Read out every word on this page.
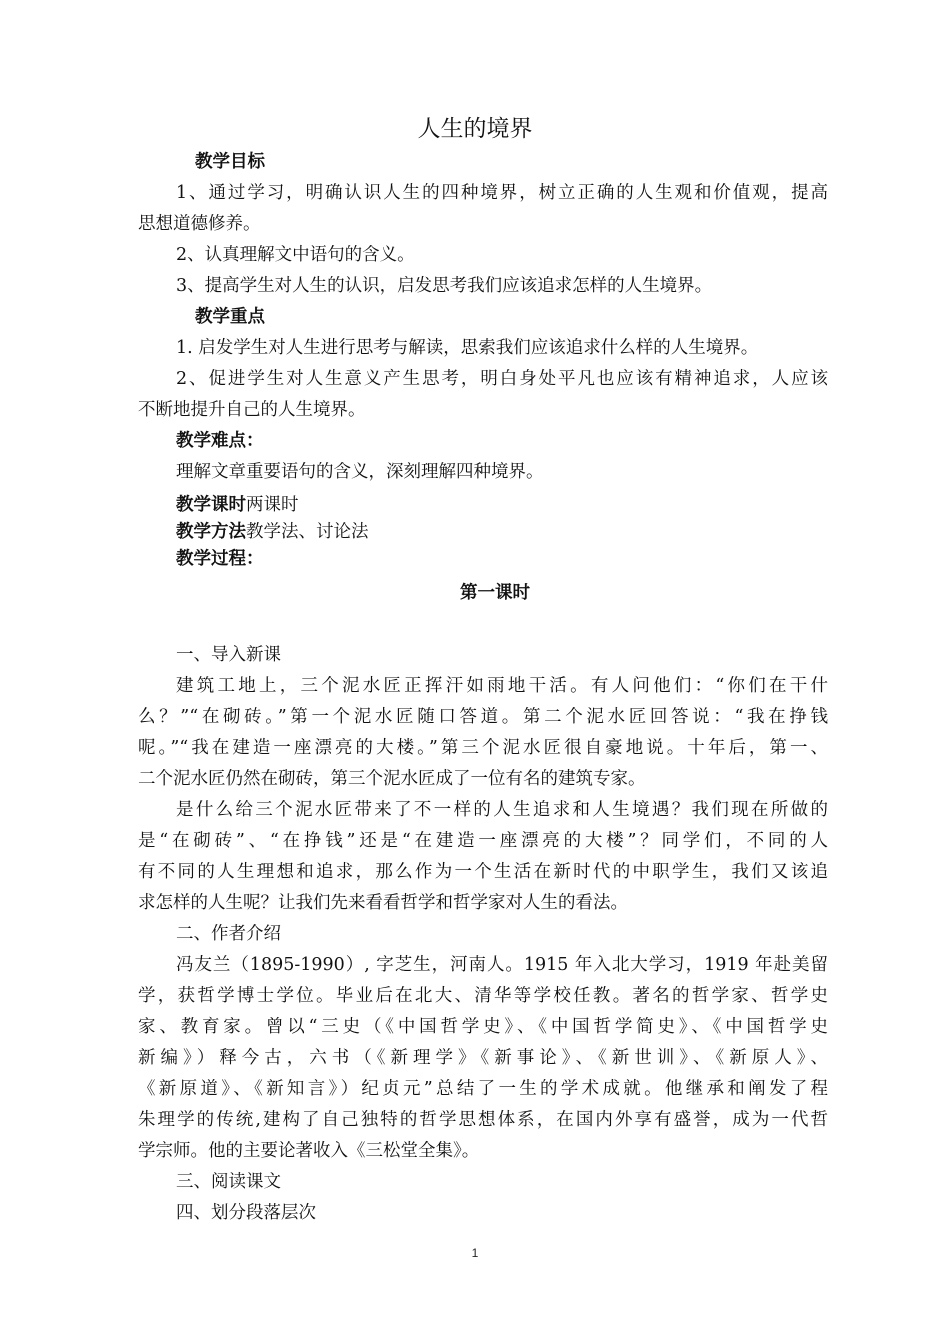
人生的境界
教学目标
1、通过学习，明确认识人生的四种境界，树立正确的人生观和价值观，提高
思想道德修养。
2、认真理解文中语句的含义。
3、提高学生对人生的认识，启发思考我们应该追求怎样的人生境界。
教学重点
1. 启发学生对人生进行思考与解读，思索我们应该追求什么样的人生境界。
2、促进学生对人生意义产生思考，明白身处平凡也应该有精神追求，人应该
不断地提升自己的人生境界。
教学难点：
理解文章重要语句的含义，深刻理解四种境界。
教学课时两课时
教学方法教学法、讨论法
教学过程：
第一课时
一、导入新课
建筑工地上，三个泥水匠正挥汗如雨地干活。有人问他们：“你们在干什
么？”“在砌砖。”第一个泥水匠随口答道。第二个泥水匠回答说：“我在挣钱
呢。”“我在建造一座漂亮的大楼。”第三个泥水匠很自豪地说。十年后，第一、
二个泥水匠仍然在砌砖，第三个泥水匠成了一位有名的建筑专家。
是什么给三个泥水匠带来了不一样的人生追求和人生境遇？我们现在所做的
是“在砌砖”、“在挣钱”还是“在建造一座漂亮的大楼”？同学们，不同的人
有不同的人生理想和追求，那么作为一个生活在新时代的中职学生，我们又该追
求怎样的人生呢？让我们先来看看哲学和哲学家对人生的看法。
二、作者介绍
冯友兰（1895-1990）, 字芝生，河南人。1915 年入北大学习，1919 年赴美留
学，获哲学博士学位。毕业后在北大、清华等学校任教。著名的哲学家、哲学史
家、教育家。曾以“三史（《中国哲学史》、《中国哲学简史》、《中国哲学史
新编》）释今古，六书（《新理学》《新事论》、《新世训》、《新原人》、
《新原道》、《新知言》）纪贞元”总结了一生的学术成就。他继承和阐发了程
朱理学的传统,建构了自己独特的哲学思想体系，在国内外享有盛誉，成为一代哲
学宗师。他的主要论著收入《三松堂全集》。
三、阅读课文
四、划分段落层次
1
